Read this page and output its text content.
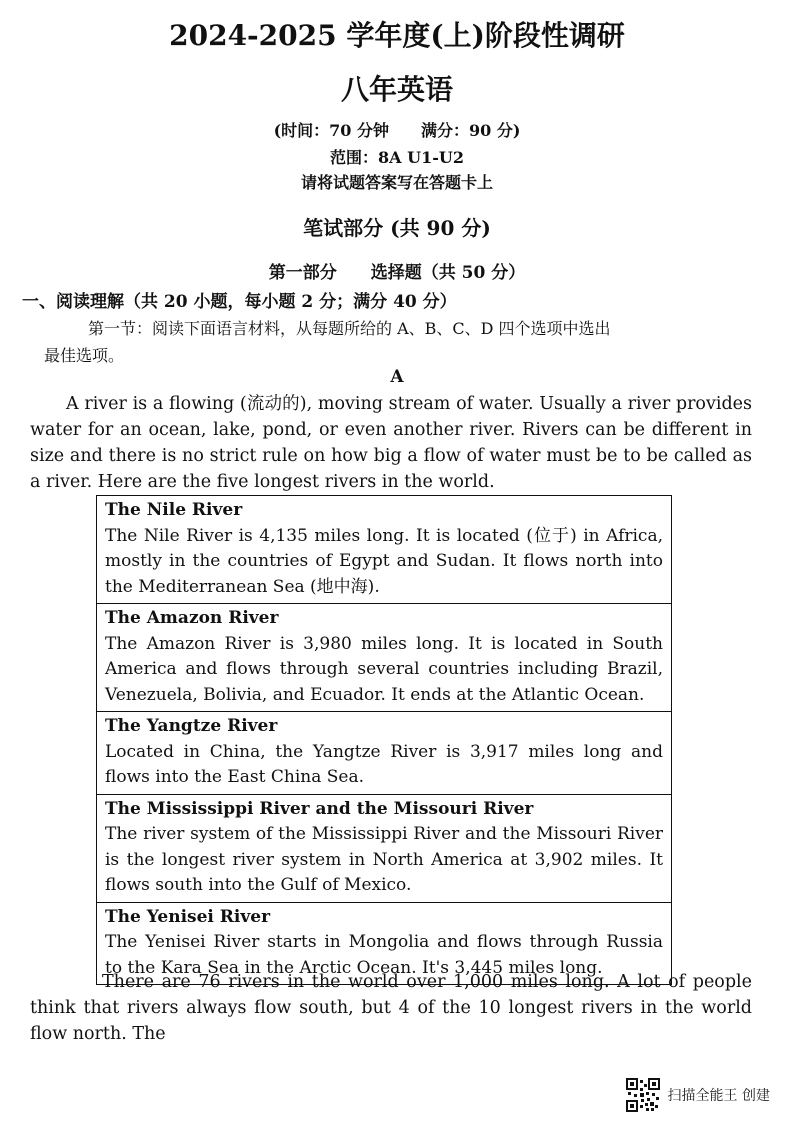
2024-2025 学年度(上)阶段性调研
八年英语
(时间：70 分钟　　满分：90 分)
范围：8A U1-U2
请将试题答案写在答题卡上
笔试部分 (共 90 分)
第一部分　　选择题（共 50 分）
一、阅读理解（共 20 小题，每小题 2 分；满分 40 分）
第一节：阅读下面语言材料，从每题所给的 A、B、C、D 四个选项中选出
最佳选项。
A
A river is a flowing (流动的), moving stream of water. Usually a river provides water for an ocean, lake, pond, or even another river. Rivers can be different in size and there is no strict rule on how big a flow of water must be to be called as a river. Here are the five longest rivers in the world.
The Nile River
The Nile River is 4,135 miles long. It is located (位于) in Africa, mostly in the countries of Egypt and Sudan. It flows north into the Mediterranean Sea (地中海).
The Amazon River
The Amazon River is 3,980 miles long. It is located in South America and flows through several countries including Brazil, Venezuela, Bolivia, and Ecuador. It ends at the Atlantic Ocean.
The Yangtze River
Located in China, the Yangtze River is 3,917 miles long and flows into the East China Sea.
The Mississippi River and the Missouri River
The river system of the Mississippi River and the Missouri River is the longest river system in North America at 3,902 miles. It flows south into the Gulf of Mexico.
The Yenisei River
The Yenisei River starts in Mongolia and flows through Russia to the Kara Sea in the Arctic Ocean. It's 3,445 miles long.
There are 76 rivers in the world over 1,000 miles long. A lot of people think that rivers always flow south, but 4 of the 10 longest rivers in the world flow north. The
扫描全能王 创建
